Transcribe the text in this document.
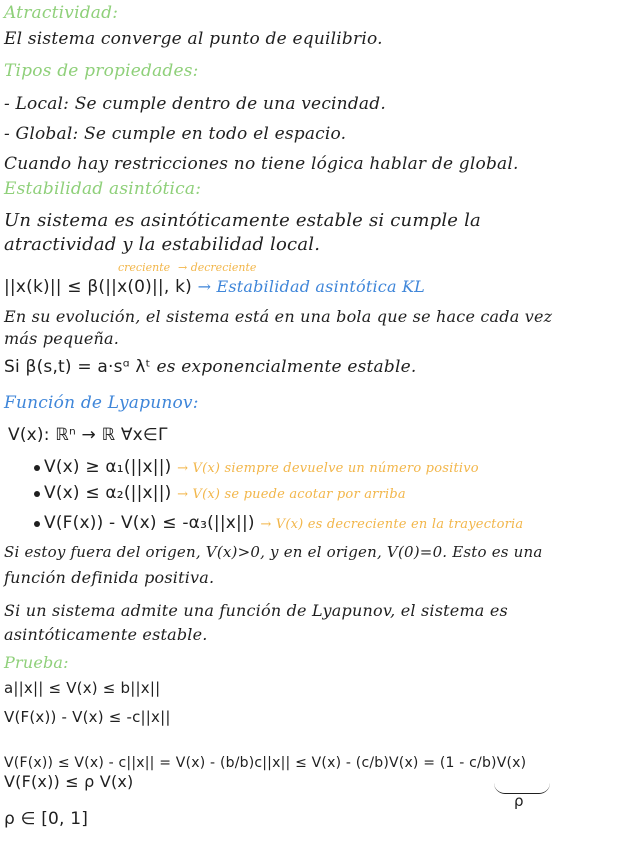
Atractividad:
El sistema converge al punto de equilibrio.
Tipos de propiedades:
- Local: Se cumple dentro de una vecindad.
- Global: Se cumple en todo el espacio.
Cuando hay restricciones no tiene lógica hablar de global.
Estabilidad asintótica:
Un sistema es asintóticamente estable si cumple la
atractividad y la estabilidad local.
creciente → decreciente
||x(k)|| ≤ β(||x(0)||, k) → Estabilidad asintótica KL
En su evolución, el sistema está en una bola que se hace cada vez
más pequeña.
Si β(s,t) = a·sᵅ λᵗ es exponencialmente estable.
Función de Lyapunov:
V(x): ℝⁿ → ℝ ∀x∈Γ
V(x) ≥ α₁(||x||) → V(x) siempre devuelve un número positivo
V(x) ≤ α₂(||x||) → V(x) se puede acotar por arriba
V(F(x)) - V(x) ≤ -α₃(||x||) → V(x) es decreciente en la trayectoria
Si estoy fuera del origen, V(x)>0, y en el origen, V(0)=0. Esto es una
función definida positiva.
Si un sistema admite una función de Lyapunov, el sistema es
asintóticamente estable.
Prueba:
a||x|| ≤ V(x) ≤ b||x||
V(F(x)) - V(x) ≤ -c||x||
V(F(x)) ≤ V(x) - c||x|| = V(x) - (b/b)c||x|| ≤ V(x) - (c/b)V(x) = (1 - c/b)V(x)
ρ
V(F(x)) ≤ ρ V(x)
ρ ∈ [0, 1]
